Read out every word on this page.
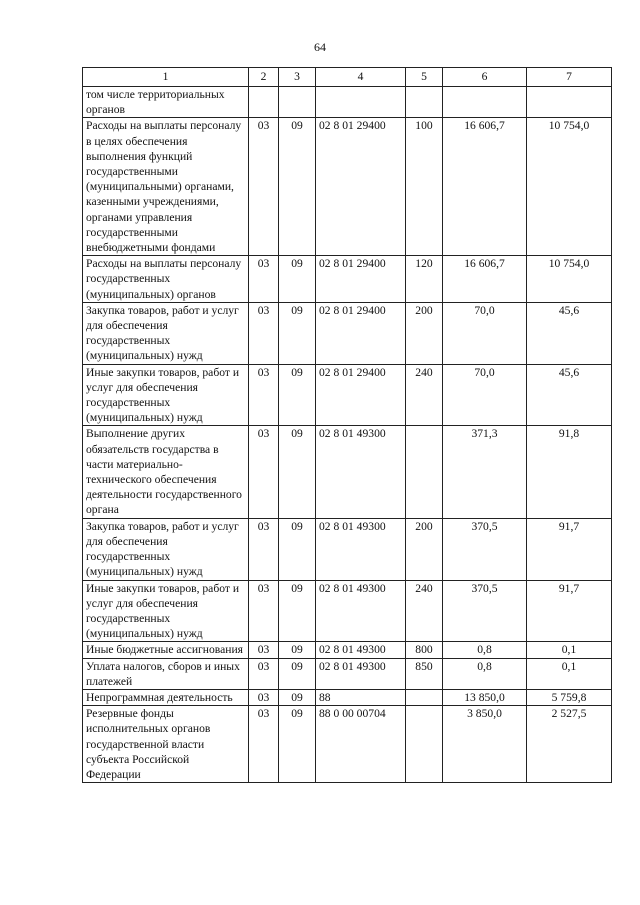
64
1	2	3	4	5	6	7
том числе территориальных органов						
Расходы на выплаты персоналу в целях обеспечения выполнения функций государственными (муниципальными) органами, казенными учреждениями, органами управления государственными внебюджетными фондами	03	09	02 8 01 29400	100	16 606,7	10 754,0
Расходы на выплаты персоналу государственных (муниципальных) органов	03	09	02 8 01 29400	120	16 606,7	10 754,0
Закупка товаров, работ и услуг для обеспечения государственных (муниципальных) нужд	03	09	02 8 01 29400	200	70,0	45,6
Иные закупки товаров, работ и услуг для обеспечения государственных (муниципальных) нужд	03	09	02 8 01 29400	240	70,0	45,6
Выполнение других обязательств государства в части материально-технического обеспечения деятельности государственного органа	03	09	02 8 01 49300		371,3	91,8
Закупка товаров, работ и услуг для обеспечения государственных (муниципальных) нужд	03	09	02 8 01 49300	200	370,5	91,7
Иные закупки товаров, работ и услуг для обеспечения государственных (муниципальных) нужд	03	09	02 8 01 49300	240	370,5	91,7
Иные бюджетные ассигнования	03	09	02 8 01 49300	800	0,8	0,1
Уплата налогов, сборов и иных платежей	03	09	02 8 01 49300	850	0,8	0,1
Непрограммная деятельность	03	09	88		13 850,0	5 759,8
Резервные фонды исполнительных органов государственной власти субъекта Российской Федерации	03	09	88 0 00 00704		3 850,0	2 527,5
